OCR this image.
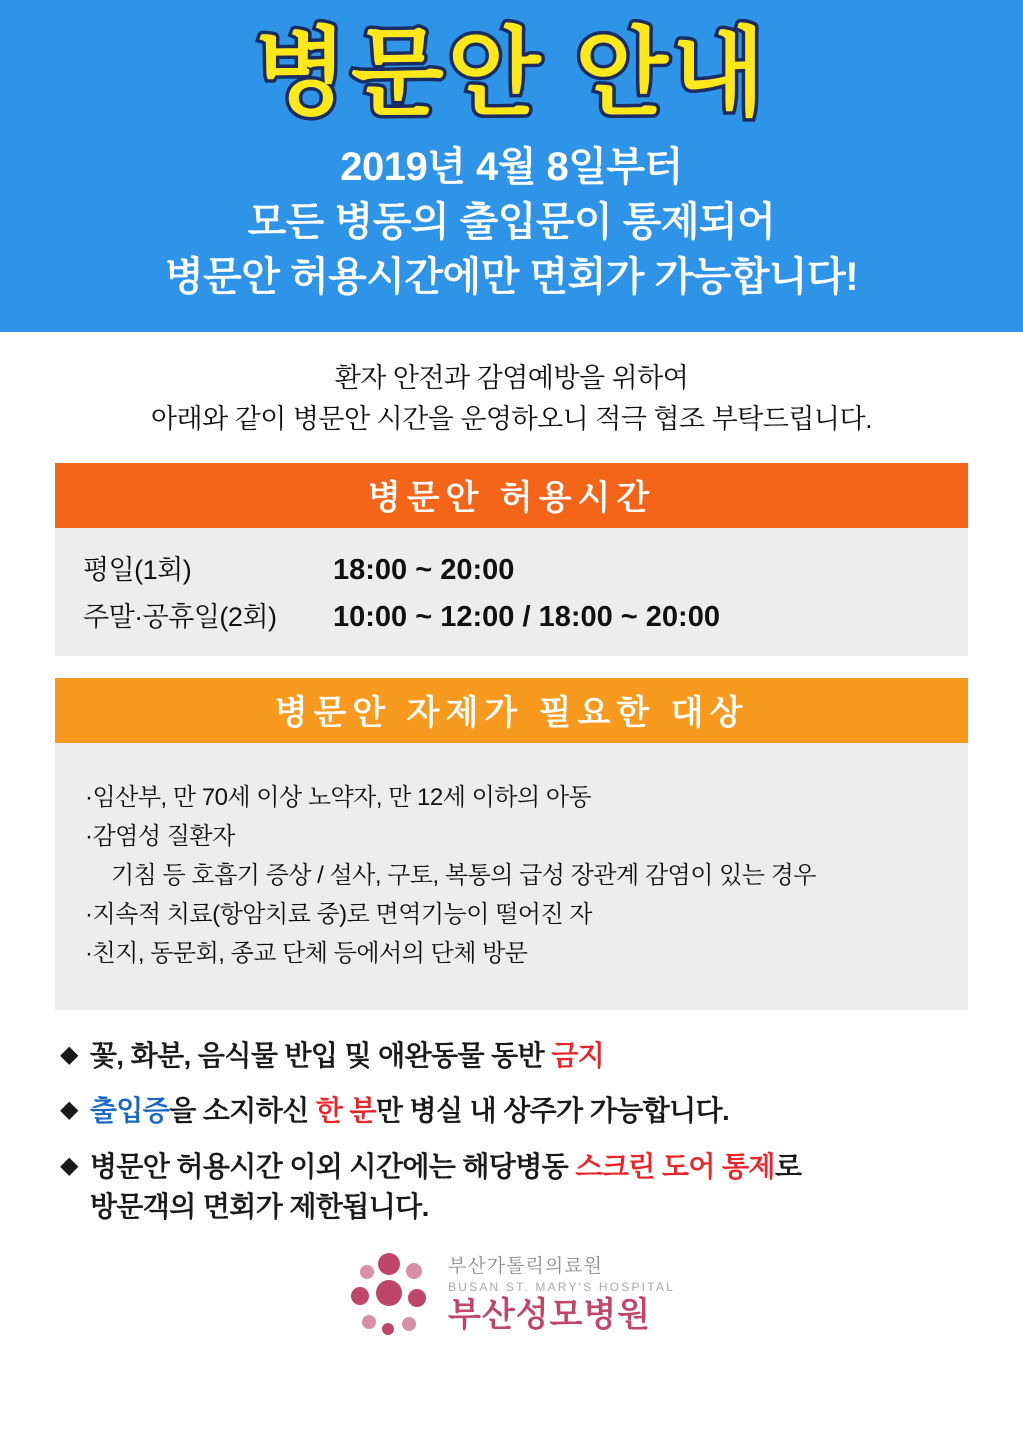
병문안 안내
2019년 4월 8일부터
모든 병동의 출입문이 통제되어
병문안 허용시간에만 면회가 가능합니다!
환자 안전과 감염예방을 위하여
아래와 같이 병문안 시간을 운영하오니 적극 협조 부탁드립니다.
병문안 허용시간
평일(1회)	18:00 ~ 20:00
주말·공휴일(2회)	10:00 ~ 12:00 / 18:00 ~ 20:00
병문안 자제가 필요한 대상
·임산부, 만 70세 이상 노약자, 만 12세 이하의 아동
·감염성 질환자
기침 등 호흡기 증상 / 설사, 구토, 복통의 급성 장관계 감염이 있는 경우
·지속적 치료(항암치료 중)로 면역기능이 떨어진 자
·친지, 동문회, 종교 단체 등에서의 단체 방문
◆ 꽃, 화분, 음식물 반입 및 애완동물 동반 금지
◆ 출입증을 소지하신 한 분만 병실 내 상주가 가능합니다.
◆ 병문안 허용시간 이외 시간에는 해당병동 스크린 도어 통제로
방문객의 면회가 제한됩니다.
부산가톨릭의료원
BUSAN ST. MARY'S HOSPITAL
부산성모병원
